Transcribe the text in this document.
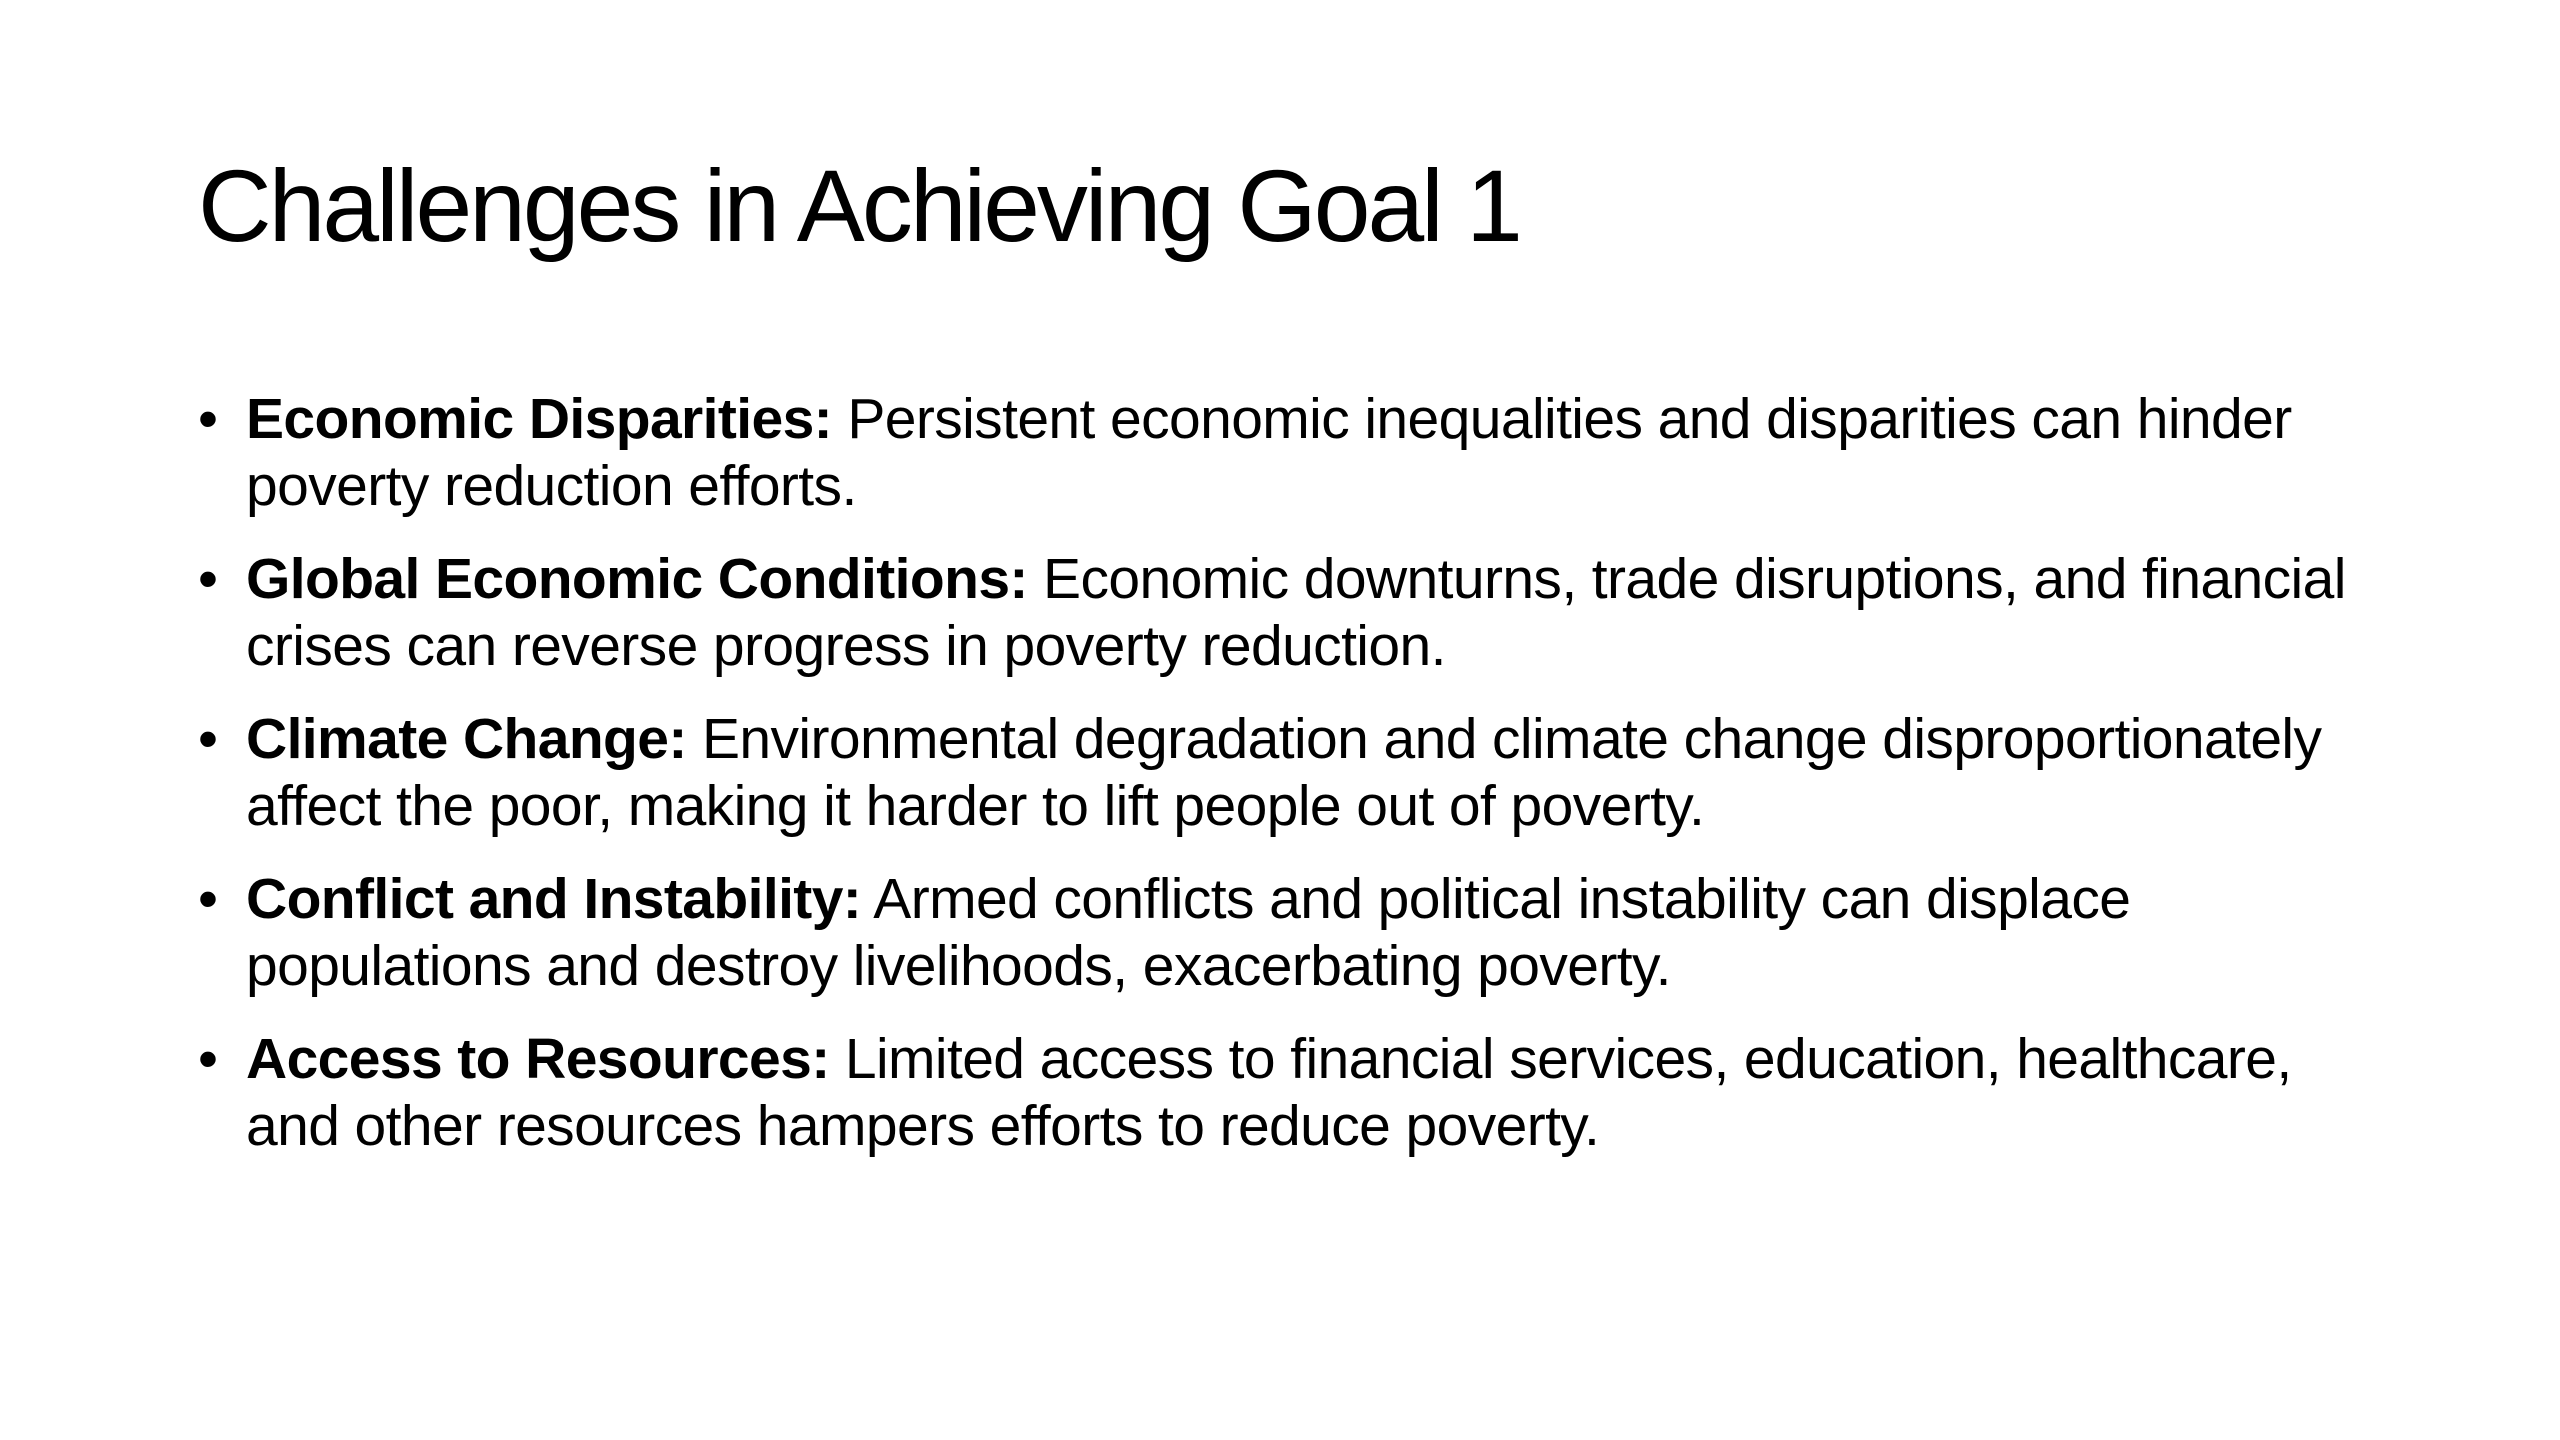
Challenges in Achieving Goal 1
• Economic Disparities: Persistent economic inequalities and disparities can hinder poverty reduction efforts.
• Global Economic Conditions: Economic downturns, trade disruptions, and financial crises can reverse progress in poverty reduction.
• Climate Change: Environmental degradation and climate change disproportionately affect the poor, making it harder to lift people out of poverty.
• Conflict and Instability: Armed conflicts and political instability can displace populations and destroy livelihoods, exacerbating poverty.
• Access to Resources: Limited access to financial services, education, healthcare, and other resources hampers efforts to reduce poverty.
